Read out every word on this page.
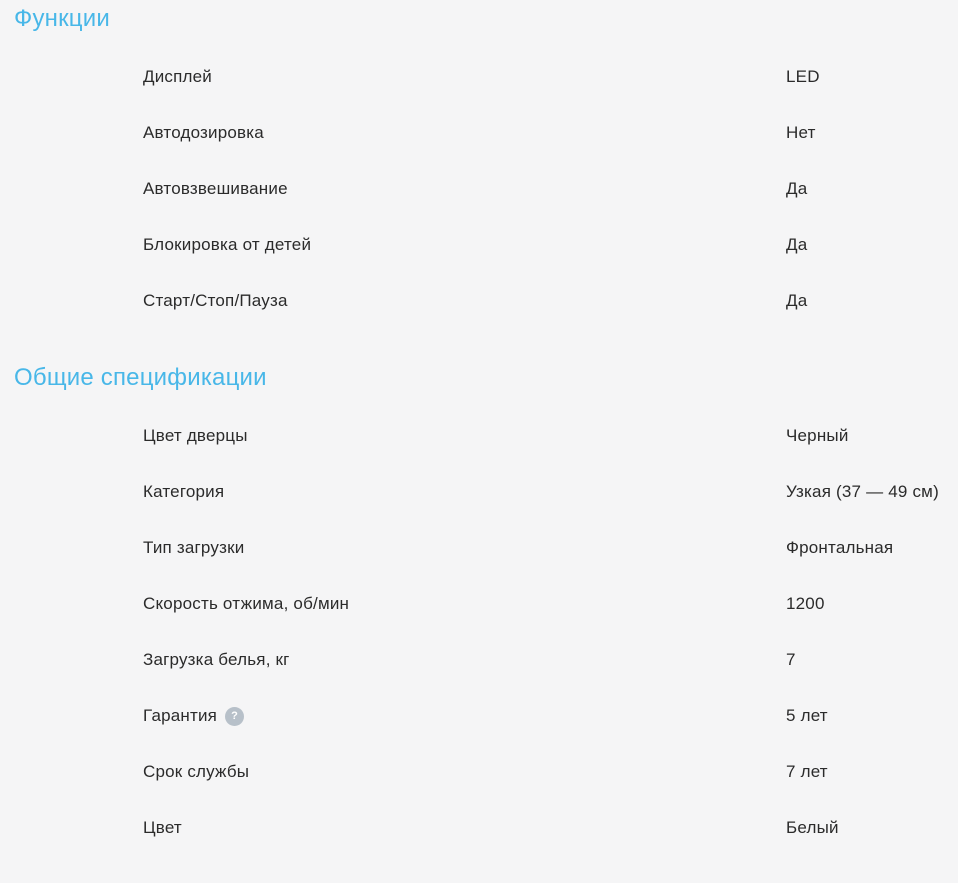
Функции
Дисплей	LED
Автодозировка	Нет
Автовзвешивание	Да
Блокировка от детей	Да
Старт/Стоп/Пауза	Да
Общие спецификации
Цвет дверцы	Черный
Категория	Узкая (37 — 49 см)
Тип загрузки	Фронтальная
Скорость отжима, об/мин	1200
Загрузка белья, кг	7
Гарантия ?	5 лет
Срок службы	7 лет
Цвет	Белый
